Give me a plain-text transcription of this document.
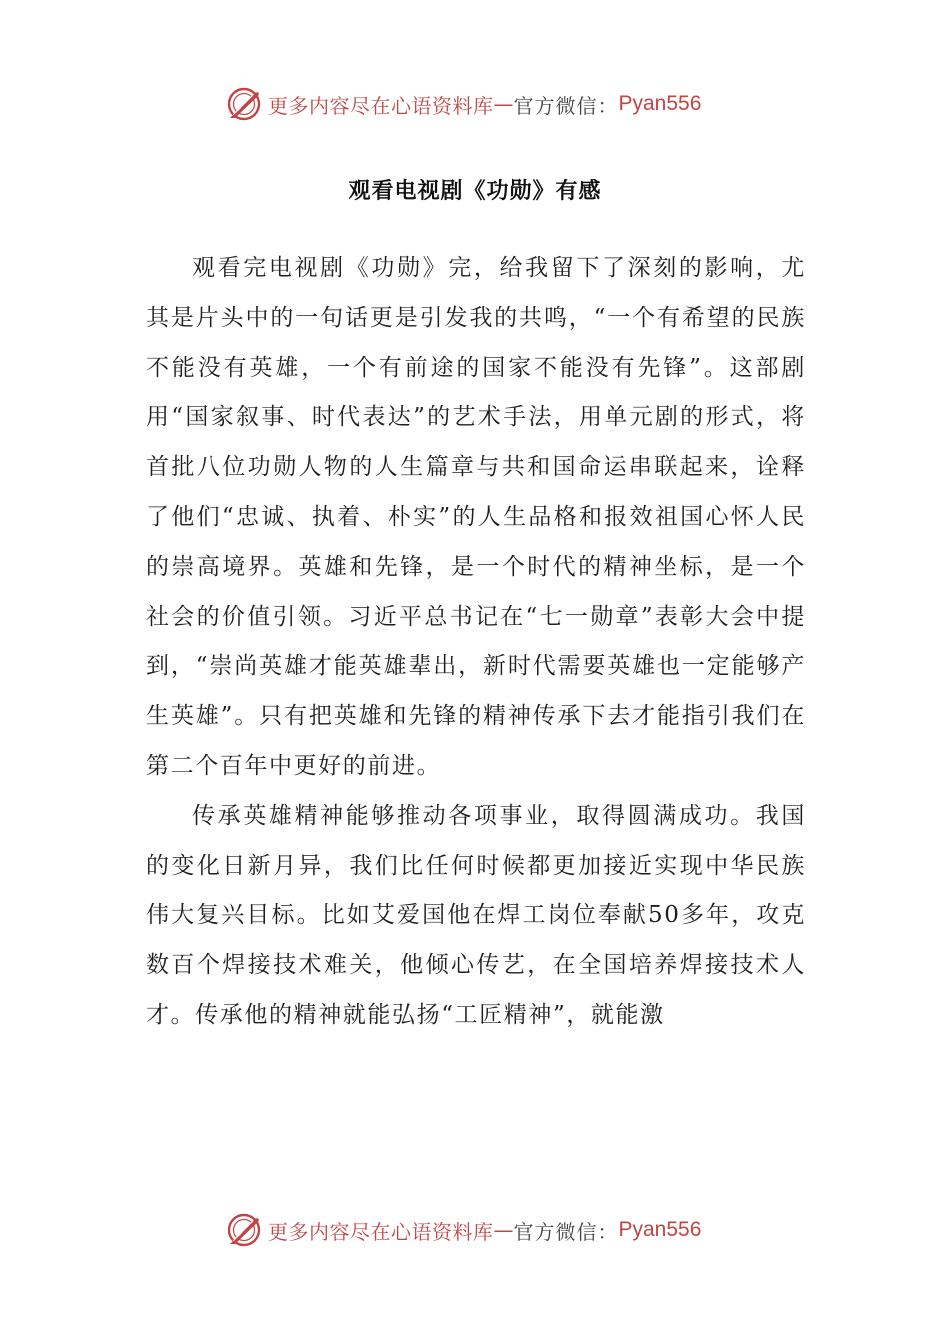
更多内容尽在心语资料库 — 官方微信： Pyan556
观看电视剧《功勋》有感

观看完电视剧《功勋》完，给我留下了深刻的影响，尤其是片头中的一句话更是引发我的共鸣，“一个有希望的民族不能没有英雄，一个有前途的国家不能没有先锋”。这部剧用“国家叙事、时代表达”的艺术手法，用单元剧的形式，将首批八位功勋人物的人生篇章与共和国命运串联起来，诠释了他们“忠诚、执着、朴实”的人生品格和报效祖国心怀人民的崇高境界。英雄和先锋，是一个时代的精神坐标，是一个社会的价值引领。习近平总书记在“七一勋章”表彰大会中提到，“崇尚英雄才能英雄辈出，新时代需要英雄也一定能够产生英雄”。只有把英雄和先锋的精神传承下去才能指引我们在第二个百年中更好的前进。

传承英雄精神能够推动各项事业，取得圆满成功。我国的变化日新月异，我们比任何时候都更加接近实现中华民族伟大复兴目标。比如艾爱国他在焊工岗位奉献50多年，攻克数百个焊接技术难关，他倾心传艺，在全国培养焊接技术人才。传承他的精神就能弘扬“工匠精神”，就能激

更多内容尽在心语资料库 — 官方微信： Pyan556
